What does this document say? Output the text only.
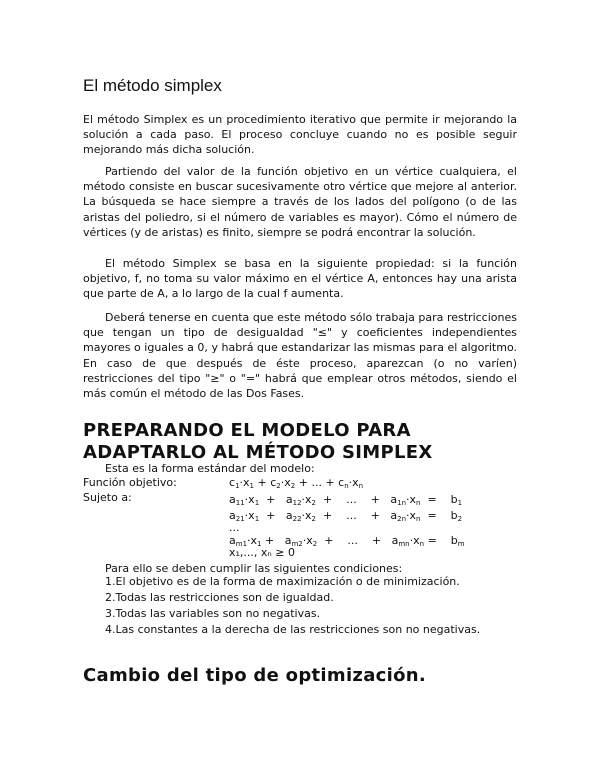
El método simplex

El método Simplex es un procedimiento iterativo que permite ir mejorando la solución a cada paso. El proceso concluye cuando no es posible seguir mejorando más dicha solución.

Partiendo del valor de la función objetivo en un vértice cualquiera, el método consiste en buscar sucesivamente otro vértice que mejore al anterior. La búsqueda se hace siempre a través de los lados del polígono (o de las aristas del poliedro, si el número de variables es mayor). Cómo el número de vértices (y de aristas) es finito, siempre se podrá encontrar la solución.

El método Simplex se basa en la siguiente propiedad: si la función objetivo, f, no toma su valor máximo en el vértice A, entonces hay una arista que parte de A, a lo largo de la cual f aumenta.

Deberá tenerse en cuenta que este método sólo trabaja para restricciones que tengan un tipo de desigualdad "≤" y coeficientes independientes mayores o iguales a 0, y habrá que estandarizar las mismas para el algoritmo. En caso de que después de éste proceso, aparezcan (o no varíen) restricciones del tipo "≥" o "=" habrá que emplear otros métodos, siendo el más común el método de las Dos Fases.

PREPARANDO EL MODELO PARA ADAPTARLO AL MÉTODO SIMPLEX
Esta es la forma estándar del modelo:
Función objetivo:	$c_1\cdot x_1 + c_2\cdot x_2$ + ... + $c_n\cdot x_n$
Sujeto a:	$a_{11}\cdot x_1 + a_{12}\cdot x_2$  +    ...    +   $a_{1n}\cdot x_n$  =    $b_1$
$a_{21}\cdot x_1 + a_{22}\cdot x_2$  +    ...    +   $a_{2n}\cdot x_n$  =    $b_2$
...
$a_{m1}\cdot x_1 + a_{m2}\cdot x_2$  +    ...    +   $a_{mn}\cdot x_n$ =    $b_m$
x₁,..., xₙ ≥ 0
Para ello se deben cumplir las siguientes condiciones:
1.El objetivo es de la forma de maximización o de minimización.
2.Todas las restricciones son de igualdad.
3.Todas las variables son no negativas.
4.Las constantes a la derecha de las restricciones son no negativas.
Cambio del tipo de optimización.
